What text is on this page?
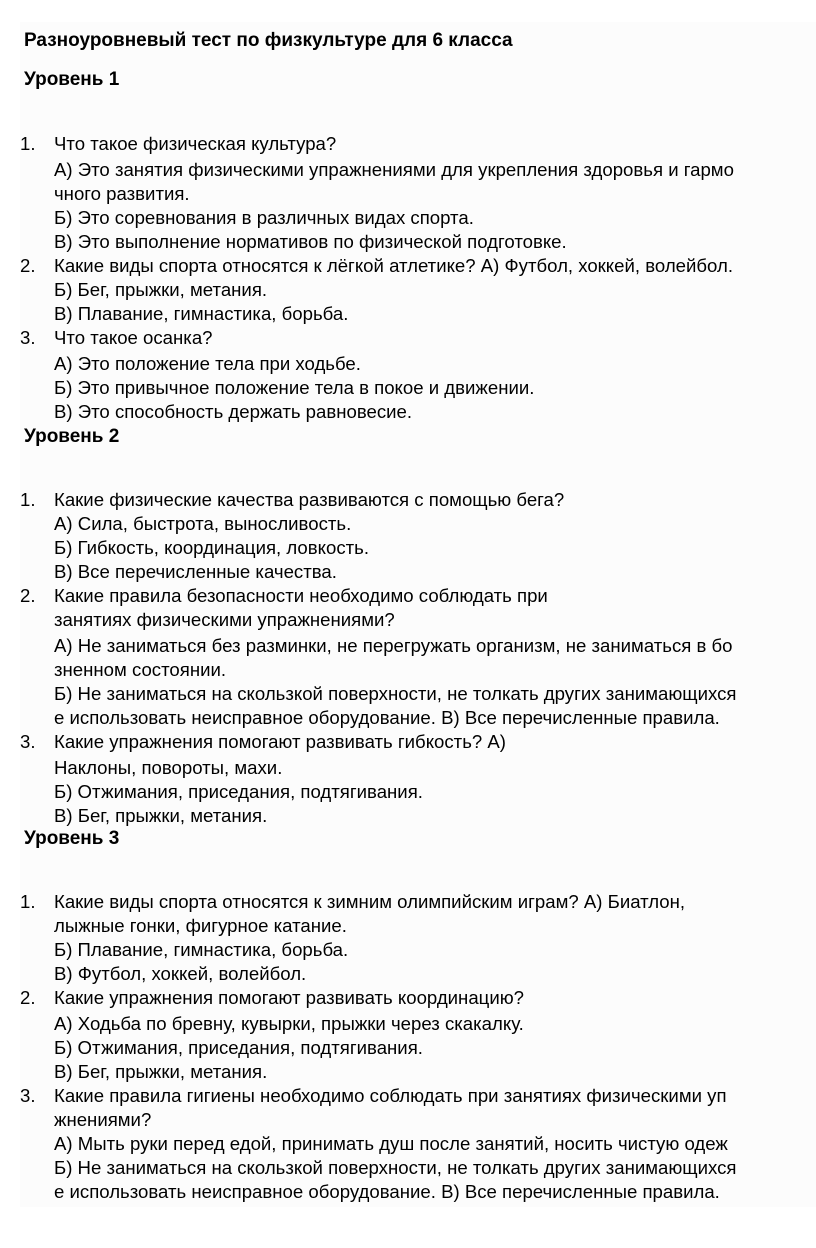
Разноуровневый тест по физкультуре для 6 класса
Уровень 1

1. Что такое физическая культура?

А) Это занятия физическими упражнениями для укрепления здоровья и гармо

чного развития.

Б) Это соревнования в различных видах спорта.

В) Это выполнение нормативов по физической подготовке.

2. Какие виды спорта относятся к лёгкой атлетике? А) Футбол, хоккей, волейбол.

Б) Бег, прыжки, метания.

В) Плавание, гимнастика, борьба.

3. Что такое осанка?

А) Это положение тела при ходьбе.

Б) Это привычное положение тела в покое и движении.

В) Это способность держать равновесие.

Уровень 2

1. Какие физические качества развиваются с помощью бега?

А) Сила, быстрота, выносливость.

Б) Гибкость, координация, ловкость.

В) Все перечисленные качества.

2. Какие правила безопасности необходимо соблюдать при

занятиях физическими упражнениями?

А) Не заниматься без разминки, не перегружать организм, не заниматься в бо

зненном состоянии.

Б) Не заниматься на скользкой поверхности, не толкать других занимающихся

е использовать неисправное оборудование. В) Все перечисленные правила.

3. Какие упражнения помогают развивать гибкость? А)

Наклоны, повороты, махи.

Б) Отжимания, приседания, подтягивания.

В) Бег, прыжки, метания.

Уровень 3

1. Какие виды спорта относятся к зимним олимпийским играм? А) Биатлон,

лыжные гонки, фигурное катание.

Б) Плавание, гимнастика, борьба.

В) Футбол, хоккей, волейбол.

2. Какие упражнения помогают развивать координацию?

А) Ходьба по бревну, кувырки, прыжки через скакалку.

Б) Отжимания, приседания, подтягивания.

В) Бег, прыжки, метания.

3. Какие правила гигиены необходимо соблюдать при занятиях физическими уп

жнениями?

А) Мыть руки перед едой, принимать душ после занятий, носить чистую одеж

Б) Не заниматься на скользкой поверхности, не толкать других занимающихся

е использовать неисправное оборудование. В) Все перечисленные правила.
